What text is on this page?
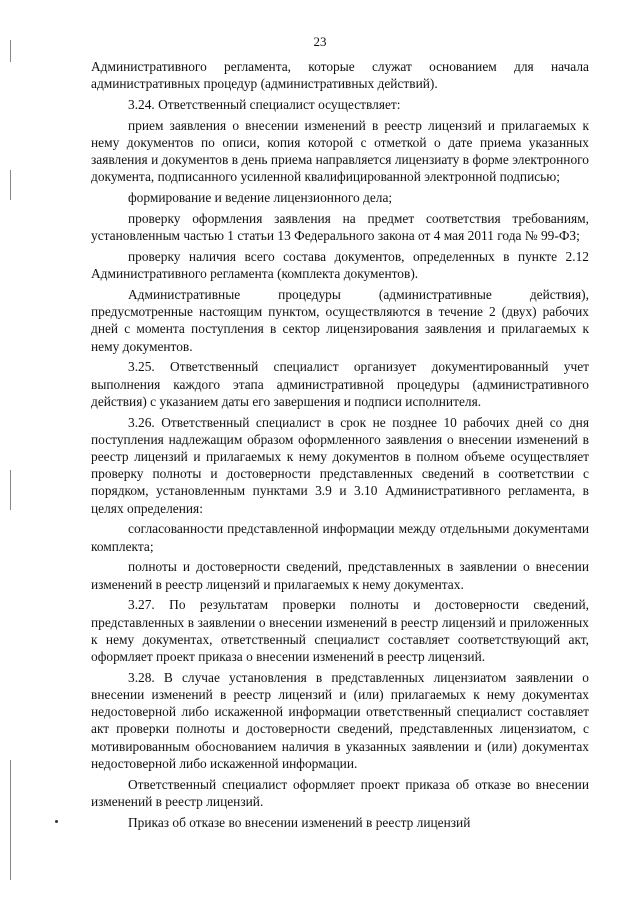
23

Административного регламента, которые служат основанием для начала административных процедур (административных действий).

3.24. Ответственный специалист осуществляет:

прием заявления о внесении изменений в реестр лицензий и прилагаемых к нему документов по описи, копия которой с отметкой о дате приема указанных заявления и документов в день приема направляется лицензиату в форме электронного документа, подписанного усиленной квалифицированной электронной подписью;

формирование и ведение лицензионного дела;

проверку оформления заявления на предмет соответствия требованиям, установленным частью 1 статьи 13 Федерального закона от 4 мая 2011 года № 99-ФЗ;

проверку наличия всего состава документов, определенных в пункте 2.12 Административного регламента (комплекта документов).

Административные процедуры (административные действия), предусмотренные настоящим пунктом, осуществляются в течение 2 (двух) рабочих дней с момента поступления в сектор лицензирования заявления и прилагаемых к нему документов.

3.25. Ответственный специалист организует документированный учет выполнения каждого этапа административной процедуры (административного действия) с указанием даты его завершения и подписи исполнителя.

3.26. Ответственный специалист в срок не позднее 10 рабочих дней со дня поступления надлежащим образом оформленного заявления о внесении изменений в реестр лицензий и прилагаемых к нему документов в полном объеме осуществляет проверку полноты и достоверности представленных сведений в соответствии с порядком, установленным пунктами 3.9 и 3.10 Административного регламента, в целях определения:

согласованности представленной информации между отдельными документами комплекта;

полноты и достоверности сведений, представленных в заявлении о внесении изменений в реестр лицензий и прилагаемых к нему документах.

3.27. По результатам проверки полноты и достоверности сведений, представленных в заявлении о внесении изменений в реестр лицензий и приложенных к нему документах, ответственный специалист составляет соответствующий акт, оформляет проект приказа о внесении изменений в реестр лицензий.

3.28. В случае установления в представленных лицензиатом заявлении о внесении изменений в реестр лицензий и (или) прилагаемых к нему документах недостоверной либо искаженной информации ответственный специалист составляет акт проверки полноты и достоверности сведений, представленных лицензиатом, с мотивированным обоснованием наличия в указанных заявлении и (или) документах недостоверной либо искаженной информации.

Ответственный специалист оформляет проект приказа об отказе во внесении изменений в реестр лицензий.

Приказ об отказе во внесении изменений в реестр лицензий
